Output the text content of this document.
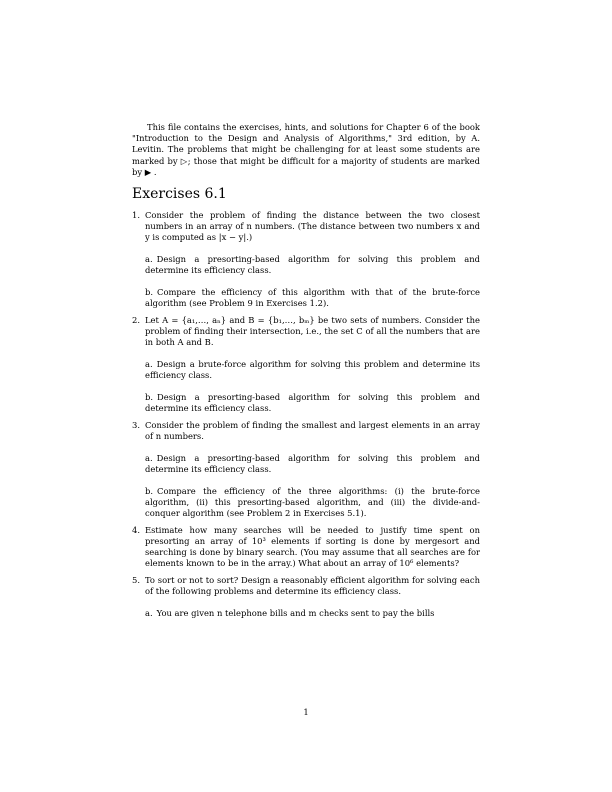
This file contains the exercises, hints, and solutions for Chapter 6 of the book "Introduction to the Design and Analysis of Algorithms," 3rd edition, by A. Levitin. The problems that might be challenging for at least some students are marked by ▷; those that might be difficult for a majority of students are marked by ▶ .

Exercises 6.1
1. Consider the problem of finding the distance between the two closest numbers in an array of n numbers. (The distance between two numbers x and y is computed as |x − y|.)

a. Design a presorting-based algorithm for solving this problem and determine its efficiency class.

b. Compare the efficiency of this algorithm with that of the brute-force algorithm (see Problem 9 in Exercises 1.2).

2. Let A = {a₁,…, aₙ} and B = {b₁,…, bₘ} be two sets of numbers. Consider the problem of finding their intersection, i.e., the set C of all the numbers that are in both A and B.

a. Design a brute-force algorithm for solving this problem and determine its efficiency class.

b. Design a presorting-based algorithm for solving this problem and determine its efficiency class.

3. Consider the problem of finding the smallest and largest elements in an array of n numbers.

a. Design a presorting-based algorithm for solving this problem and determine its efficiency class.

b. Compare the efficiency of the three algorithms: (i) the brute-force algorithm, (ii) this presorting-based algorithm, and (iii) the divide-and-conquer algorithm (see Problem 2 in Exercises 5.1).

4. Estimate how many searches will be needed to justify time spent on presorting an array of 10³ elements if sorting is done by mergesort and searching is done by binary search. (You may assume that all searches are for elements known to be in the array.) What about an array of 10⁶ elements?

5. To sort or not to sort? Design a reasonably efficient algorithm for solving each of the following problems and determine its efficiency class.

a. You are given n telephone bills and m checks sent to pay the bills

1
